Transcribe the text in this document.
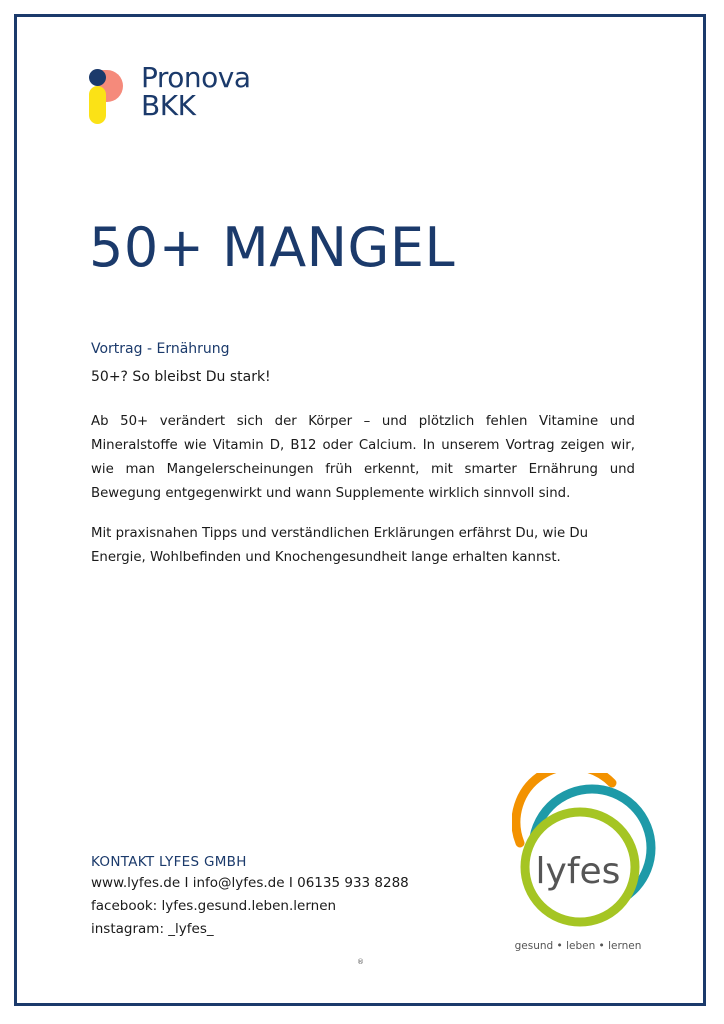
Pronova
BKK
50+ MANGEL
Vortrag - Ernährung
50+? So bleibst Du stark!

Ab 50+ verändert sich der Körper – und plötzlich fehlen Vitamine und Mineralstoffe wie Vitamin D, B12 oder Calcium. In unserem Vortrag zeigen wir, wie man Mangelerscheinungen früh erkennt, mit smarter Ernährung und Bewegung entgegenwirkt und wann Supplemente wirklich sinnvoll sind.

Mit praxisnahen Tipps und verständlichen Erklärungen erfährst Du, wie Du Energie, Wohlbefinden und Knochengesundheit lange erhalten kannst.

KONTAKT LYFES GMBH
www.lyfes.de I info@lyfes.de I 06135 933 8288
facebook: lyfes.gesund.leben.lernen
instagram: _lyfes_
lyfes
gesund • leben • lernen
®
